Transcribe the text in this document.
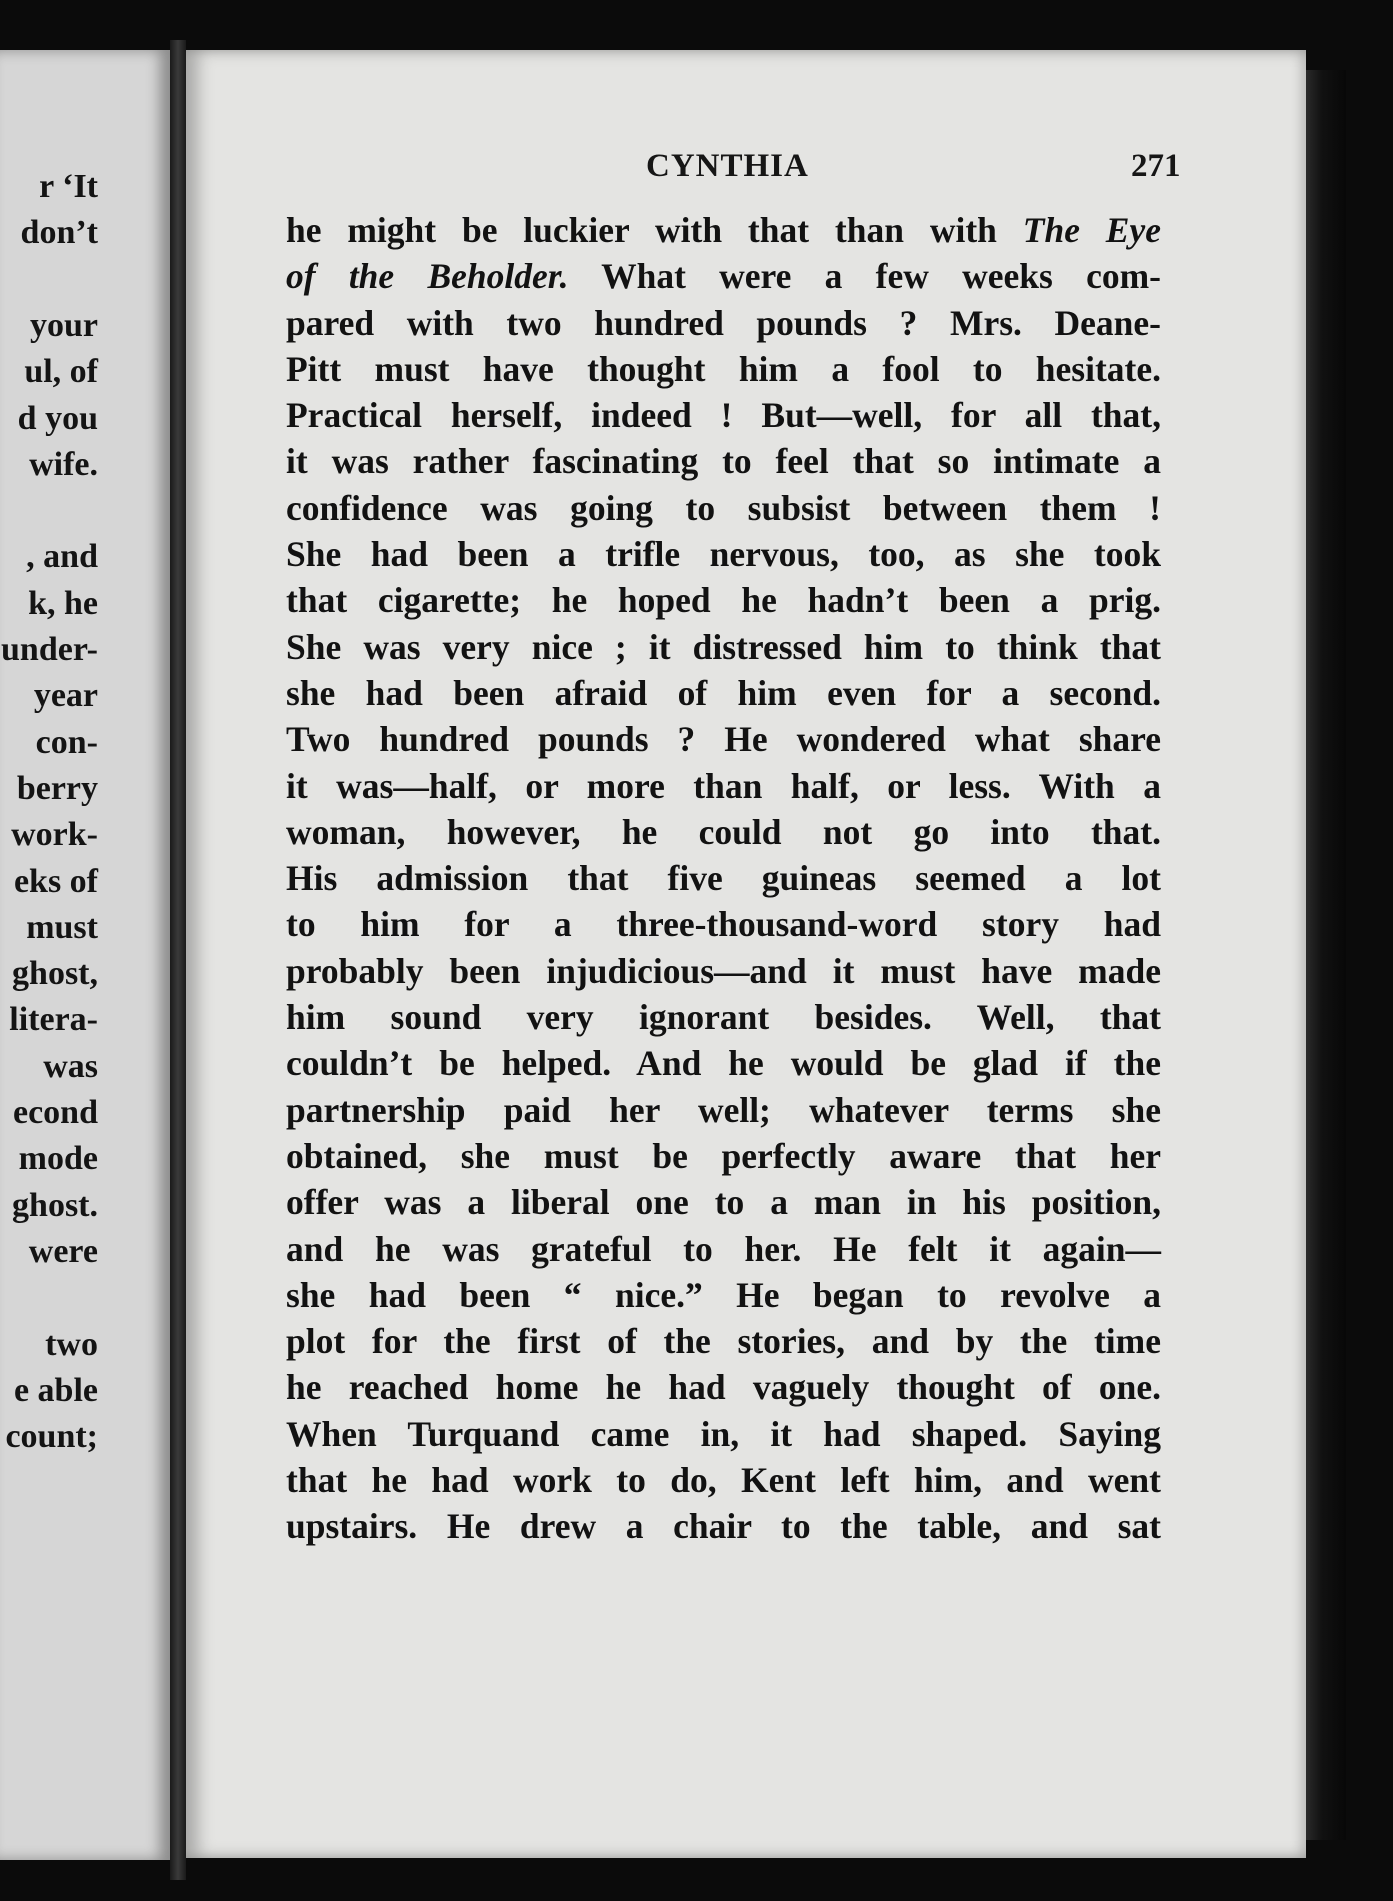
r ‘It
don’t
your
ul, of
d you
wife.
, and
k, he
under-
year
con-
berry
work-
eks of
must
ghost,
litera-
was
econd
mode
ghost.
were
two
e able
count;
CYNTHIA	271
he might be luckier with that than with The Eye
of the Beholder. What were a few weeks com-
pared with two hundred pounds ? Mrs. Deane-
Pitt must have thought him a fool to hesitate.
Practical herself, indeed ! But—well, for all that,
it was rather fascinating to feel that so intimate a
confidence was going to subsist between them !
She had been a trifle nervous, too, as she took
that cigarette; he hoped he hadn’t been a prig.
She was very nice ; it distressed him to think that
she had been afraid of him even for a second.
Two hundred pounds ? He wondered what share
it was—half, or more than half, or less. With a
woman, however, he could not go into that.
His admission that five guineas seemed a lot
to him for a three-thousand-word story had
probably been injudicious—and it must have made
him sound very ignorant besides. Well, that
couldn’t be helped. And he would be glad if the
partnership paid her well; whatever terms she
obtained, she must be perfectly aware that her
offer was a liberal one to a man in his position,
and he was grateful to her. He felt it again—
she had been “ nice.” He began to revolve a
plot for the first of the stories, and by the time
he reached home he had vaguely thought of one.
When Turquand came in, it had shaped. Saying
that he had work to do, Kent left him, and went
upstairs. He drew a chair to the table, and sat
